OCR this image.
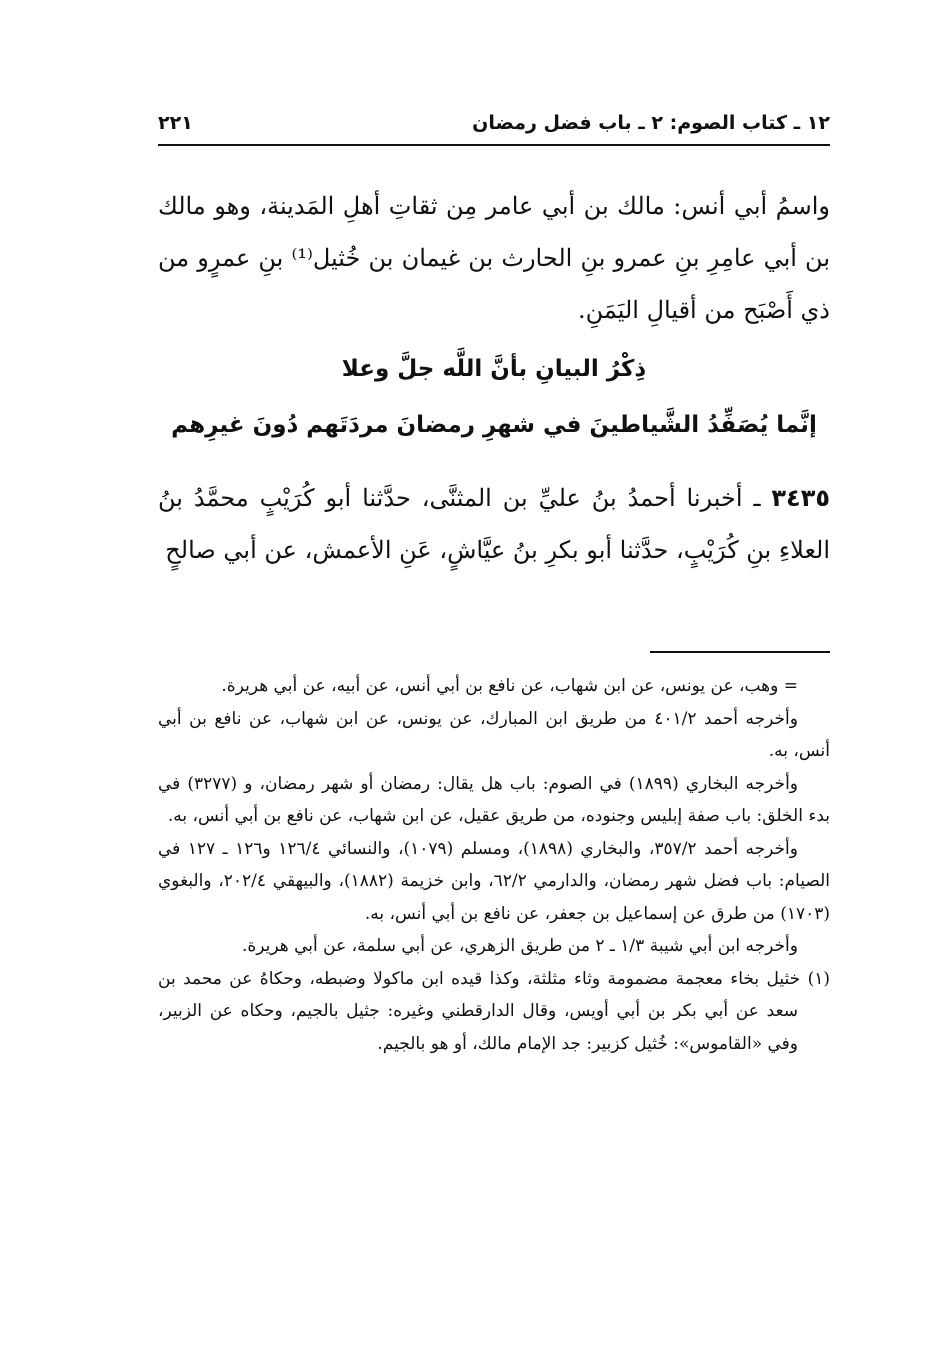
١٢ ـ كتاب الصوم: ٢ ـ باب فضل رمضان
٢٢١

واسمُ أبي أنس: مالك بن أبي عامر مِن ثقاتِ أهلِ المَدينة، وهو مالك بن أبي عامِرِ بنِ عمرو بنِ الحارث بن غيمان بن خُثيل⁽¹⁾ بنِ عمرٍو من ذي أَصْبَح من أقيالِ اليَمَنِ.

ذِكْرُ البيانِ بأنَّ اللَّه جلَّ وعلا
إنَّما يُصَفِّدُ الشَّياطينَ في شهرِ رمضانَ مردَتَهم دُونَ غيرِهم

٣٤٣٥ ـ أخبرنا أحمدُ بنُ عليِّ بن المثنَّى، حدَّثنا أبو كُرَيْبٍ محمَّدُ بنُ العلاءِ بنِ كُرَيْبٍ، حدَّثنا أبو بكرِ بنُ عيَّاشٍ، عَنِ الأعمش، عن أبي صالحٍ

= وهب، عن يونس، عن ابن شهاب، عن نافع بن أبي أنس، عن أبيه، عن أبي هريرة.

وأخرجه أحمد ٤٠١/٢ من طريق ابن المبارك، عن يونس، عن ابن شهاب، عن نافع بن أبي أنس، به.

وأخرجه البخاري (١٨٩٩) في الصوم: باب هل يقال: رمضان أو شهر رمضان، و (٣٢٧٧) في بدء الخلق: باب صفة إبليس وجنوده، من طريق عقيل، عن ابن شهاب، عن نافع بن أبي أنس، به.

وأخرجه أحمد ٣٥٧/٢، والبخاري (١٨٩٨)، ومسلم (١٠٧٩)، والنسائي ١٢٦/٤ و١٢٦ ـ ١٢٧ في الصيام: باب فضل شهر رمضان، والدارمي ٦٢/٢، وابن خزيمة (١٨٨٢)، والبيهقي ٢٠٢/٤، والبغوي (١٧٠٣) من طرق عن إسماعيل بن جعفر، عن نافع بن أبي أنس، به.

وأخرجه ابن أبي شيبة ١/٣ ـ ٢ من طريق الزهري، عن أبي سلمة، عن أبي هريرة.

(١) خثيل بخاء معجمة مضمومة وثاء مثلثة، وكذا قيده ابن ماكولا وضبطه، وحكاهُ عن محمد بن سعد عن أبي بكر بن أبي أويس، وقال الدارقطني وغيره: جثيل بالجيم، وحكاه عن الزبير، وفي «القاموس»: خُثيل كزبير: جد الإمام مالك، أو هو بالجيم.
